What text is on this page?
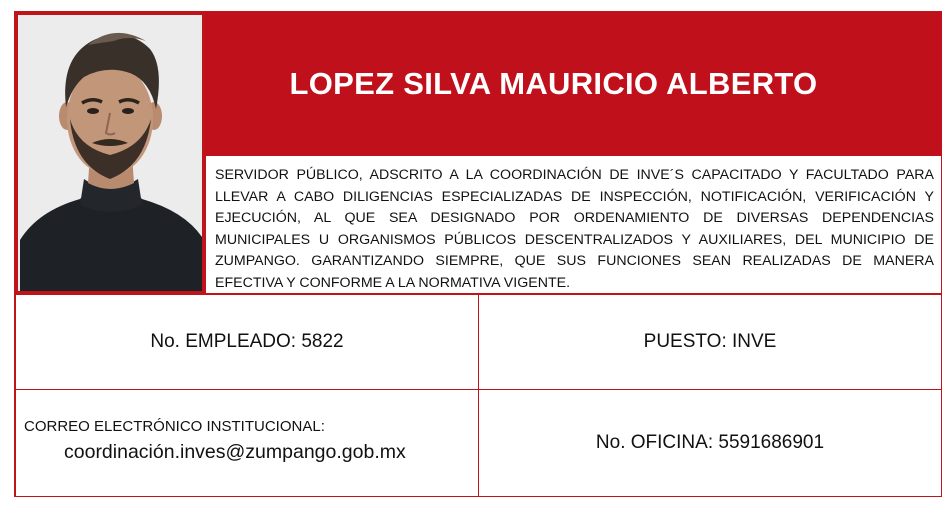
LOPEZ SILVA MAURICIO ALBERTO

SERVIDOR PÚBLICO, ADSCRITO A LA COORDINACIÓN DE INVE´S CAPACITADO Y FACULTADO PARA LLEVAR A CABO DILIGENCIAS ESPECIALIZADAS DE INSPECCIÓN, NOTIFICACIÓN, VERIFICACIÓN Y EJECUCIÓN, AL QUE SEA DESIGNADO POR ORDENAMIENTO DE DIVERSAS DEPENDENCIAS MUNICIPALES U ORGANISMOS PÚBLICOS DESCENTRALIZADOS Y AUXILIARES, DEL MUNICIPIO DE ZUMPANGO. GARANTIZANDO SIEMPRE, QUE SUS FUNCIONES SEAN REALIZADAS DE MANERA EFECTIVA Y CONFORME A LA NORMATIVA VIGENTE.

No. EMPLEADO: 5822	PUESTO: INVE
CORREO ELECTRÓNICO INSTITUCIONAL:
coordinación.inves@zumpango.gob.mx	No. OFICINA: 5591686901
